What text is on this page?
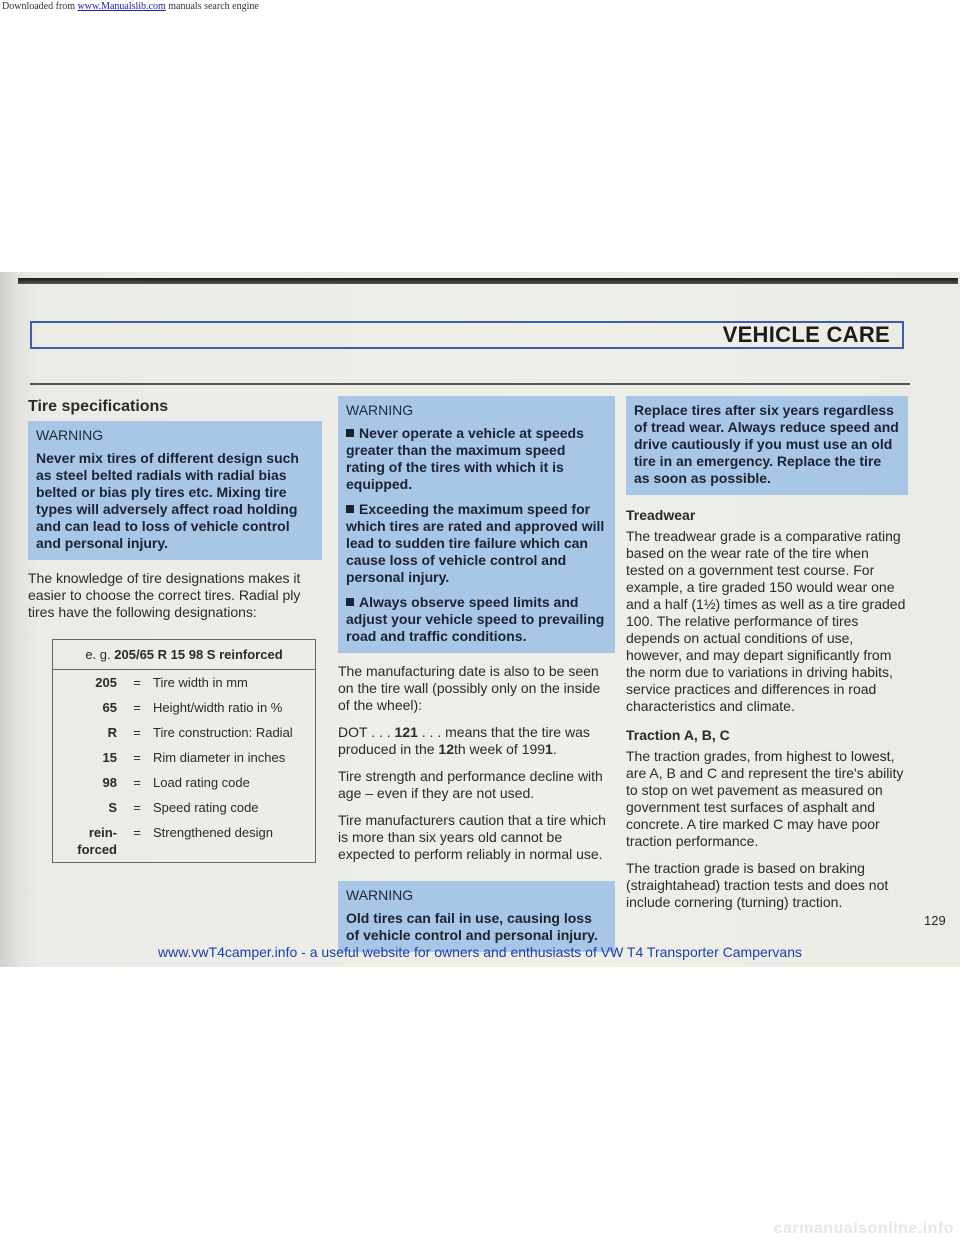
Downloaded from www.Manualslib.com manuals search engine
VEHICLE CARE
Tire specifications
WARNING

Never mix tires of different design such as steel belted radials with radial bias belted or bias ply tires etc. Mixing tire types will adversely affect road holding and can lead to loss of vehicle control and personal injury.

The knowledge of tire designations makes it easier to choose the correct tires. Radial ply tires have the following designations:

e. g. 205/65 R 15 98 S reinforced		
205	=	Tire width in mm
65	=	Height/width ratio in %
R	=	Tire construction: Radial
15	=	Rim diameter in inches
98	=	Load rating code
S	=	Speed rating code
rein-forced	=	Strengthened design
WARNING

Never operate a vehicle at speeds greater than the maximum speed rating of the tires with which it is equipped.

Exceeding the maximum speed for which tires are rated and approved will lead to sudden tire failure which can cause loss of vehicle control and personal injury.

Always observe speed limits and adjust your vehicle speed to prevailing road and traffic conditions.

The manufacturing date is also to be seen on the tire wall (possibly only on the inside of the wheel):

DOT . . . 121 . . . means that the tire was produced in the 12th week of 1991.

Tire strength and performance decline with age – even if they are not used.

Tire manufacturers caution that a tire which is more than six years old cannot be expected to perform reliably in normal use.

WARNING

Old tires can fail in use, causing loss of vehicle control and personal injury.

Replace tires after six years regardless of tread wear. Always reduce speed and drive cautiously if you must use an old tire in an emergency. Replace the tire as soon as possible.

Treadwear

The treadwear grade is a comparative rating based on the wear rate of the tire when tested on a government test course. For example, a tire graded 150 would wear one and a half (1½) times as well as a tire graded 100. The relative performance of tires depends on actual conditions of use, however, and may depart significantly from the norm due to variations in driving habits, service practices and differences in road characteristics and climate.

Traction A, B, C

The traction grades, from highest to lowest, are A, B and C and represent the tire's ability to stop on wet pavement as measured on government test surfaces of asphalt and concrete. A tire marked C may have poor traction performance.

The traction grade is based on braking (straightahead) traction tests and does not include cornering (turning) traction.

129
www.vwT4camper.info - a useful website for owners and enthusiasts of VW T4 Transporter Campervans
carmanualsonline.info
